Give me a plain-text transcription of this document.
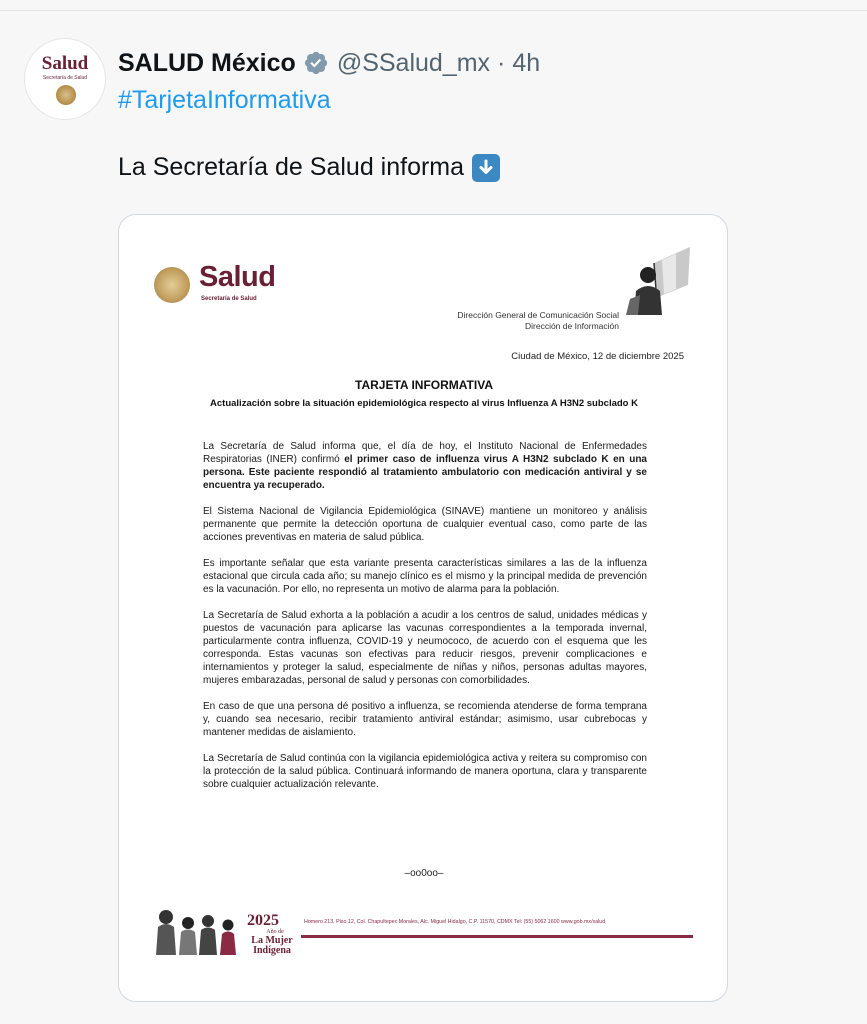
Salud
Secretaría de Salud
SALUD México @SSalud_mx · 4h
#TarjetaInformativa
La Secretaría de Salud informa
Salud
Secretaría de Salud
Dirección General de Comunicación Social
Dirección de Información
Ciudad de México, 12 de diciembre 2025
TARJETA INFORMATIVA
Actualización sobre la situación epidemiológica respecto al virus Influenza A H3N2 subclado K

La Secretaría de Salud informa que, el día de hoy, el Instituto Nacional de Enfermedades Respiratorias (INER) confirmó el primer caso de influenza virus A H3N2 subclado K en una persona. Este paciente respondió al tratamiento ambulatorio con medicación antiviral y se encuentra ya recuperado.

El Sistema Nacional de Vigilancia Epidemiológica (SINAVE) mantiene un monitoreo y análisis permanente que permite la detección oportuna de cualquier eventual caso, como parte de las acciones preventivas en materia de salud pública.

Es importante señalar que esta variante presenta características similares a las de la influenza estacional que circula cada año; su manejo clínico es el mismo y la principal medida de prevención es la vacunación. Por ello, no representa un motivo de alarma para la población.

La Secretaría de Salud exhorta a la población a acudir a los centros de salud, unidades médicas y puestos de vacunación para aplicarse las vacunas correspondientes a la temporada invernal, particularmente contra influenza, COVID-19 y neumococo, de acuerdo con el esquema que les corresponda. Estas vacunas son efectivas para reducir riesgos, prevenir complicaciones e internamientos y proteger la salud, especialmente de niñas y niños, personas adultas mayores, mujeres embarazadas, personal de salud y personas con comorbilidades.

En caso de que una persona dé positivo a influenza, se recomienda atenderse de forma temprana y, cuando sea necesario, recibir tratamiento antiviral estándar; asimismo, usar cubrebocas y mantener medidas de aislamiento.

La Secretaría de Salud continúa con la vigilancia epidemiológica activa y reitera su compromiso con la protección de la salud pública. Continuará informando de manera oportuna, clara y transparente sobre cualquier actualización relevante.

–oo0oo–
2025
Año de
La Mujer Indígena
Homero 213, Piso 12, Col. Chapultepec Morales, Alc. Miguel Hidalgo, C.P. 11570, CDMX Tel: (55) 5062 1600 www.gob.mx/salud
